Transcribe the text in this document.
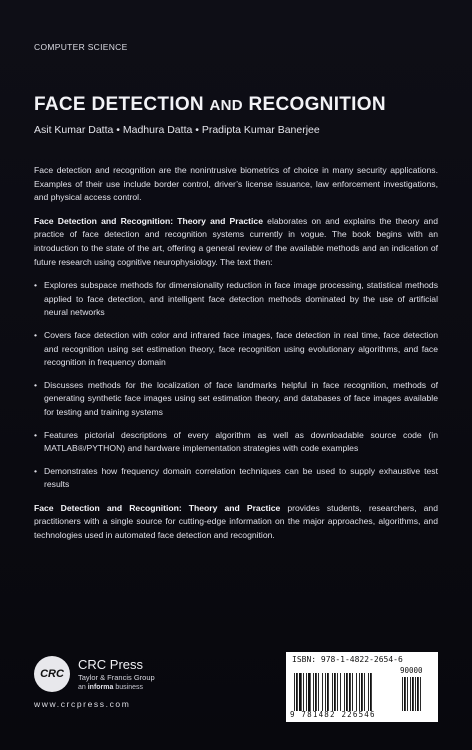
COMPUTER SCIENCE
FACE DETECTION AND RECOGNITION
Asit Kumar Datta • Madhura Datta • Pradipta Kumar Banerjee

Face detection and recognition are the nonintrusive biometrics of choice in many security applications. Examples of their use include border control, driver’s license issuance, law enforcement investigations, and physical access control.

Face Detection and Recognition: Theory and Practice elaborates on and explains the theory and practice of face detection and recognition systems currently in vogue. The book begins with an introduction to the state of the art, offering a general review of the available methods and an indication of future research using cognitive neurophysiology. The text then:

• Explores subspace methods for dimensionality reduction in face image processing, statistical methods applied to face detection, and intelligent face detection methods dominated by the use of artificial neural networks
• Covers face detection with color and infrared face images, face detection in real time, face detection and recognition using set estimation theory, face recognition using evolutionary algorithms, and face recognition in frequency domain
• Discusses methods for the localization of face landmarks helpful in face recognition, methods of generating synthetic face images using set estimation theory, and databases of face images available for testing and training systems
• Features pictorial descriptions of every algorithm as well as downloadable source code (in MATLAB®/PYTHON) and hardware implementation strategies with code examples
• Demonstrates how frequency domain correlation techniques can be used to supply exhaustive test results

Face Detection and Recognition: Theory and Practice provides students, researchers, and practitioners with a single source for cutting-edge information on the major approaches, algorithms, and technologies used in automated face detection and recognition.

CRC
CRC Press
Taylor & Francis Group
an informa business
www.crcpress.com
ISBN: 978-1-4822-2654-6
90000
9 781482 226546
